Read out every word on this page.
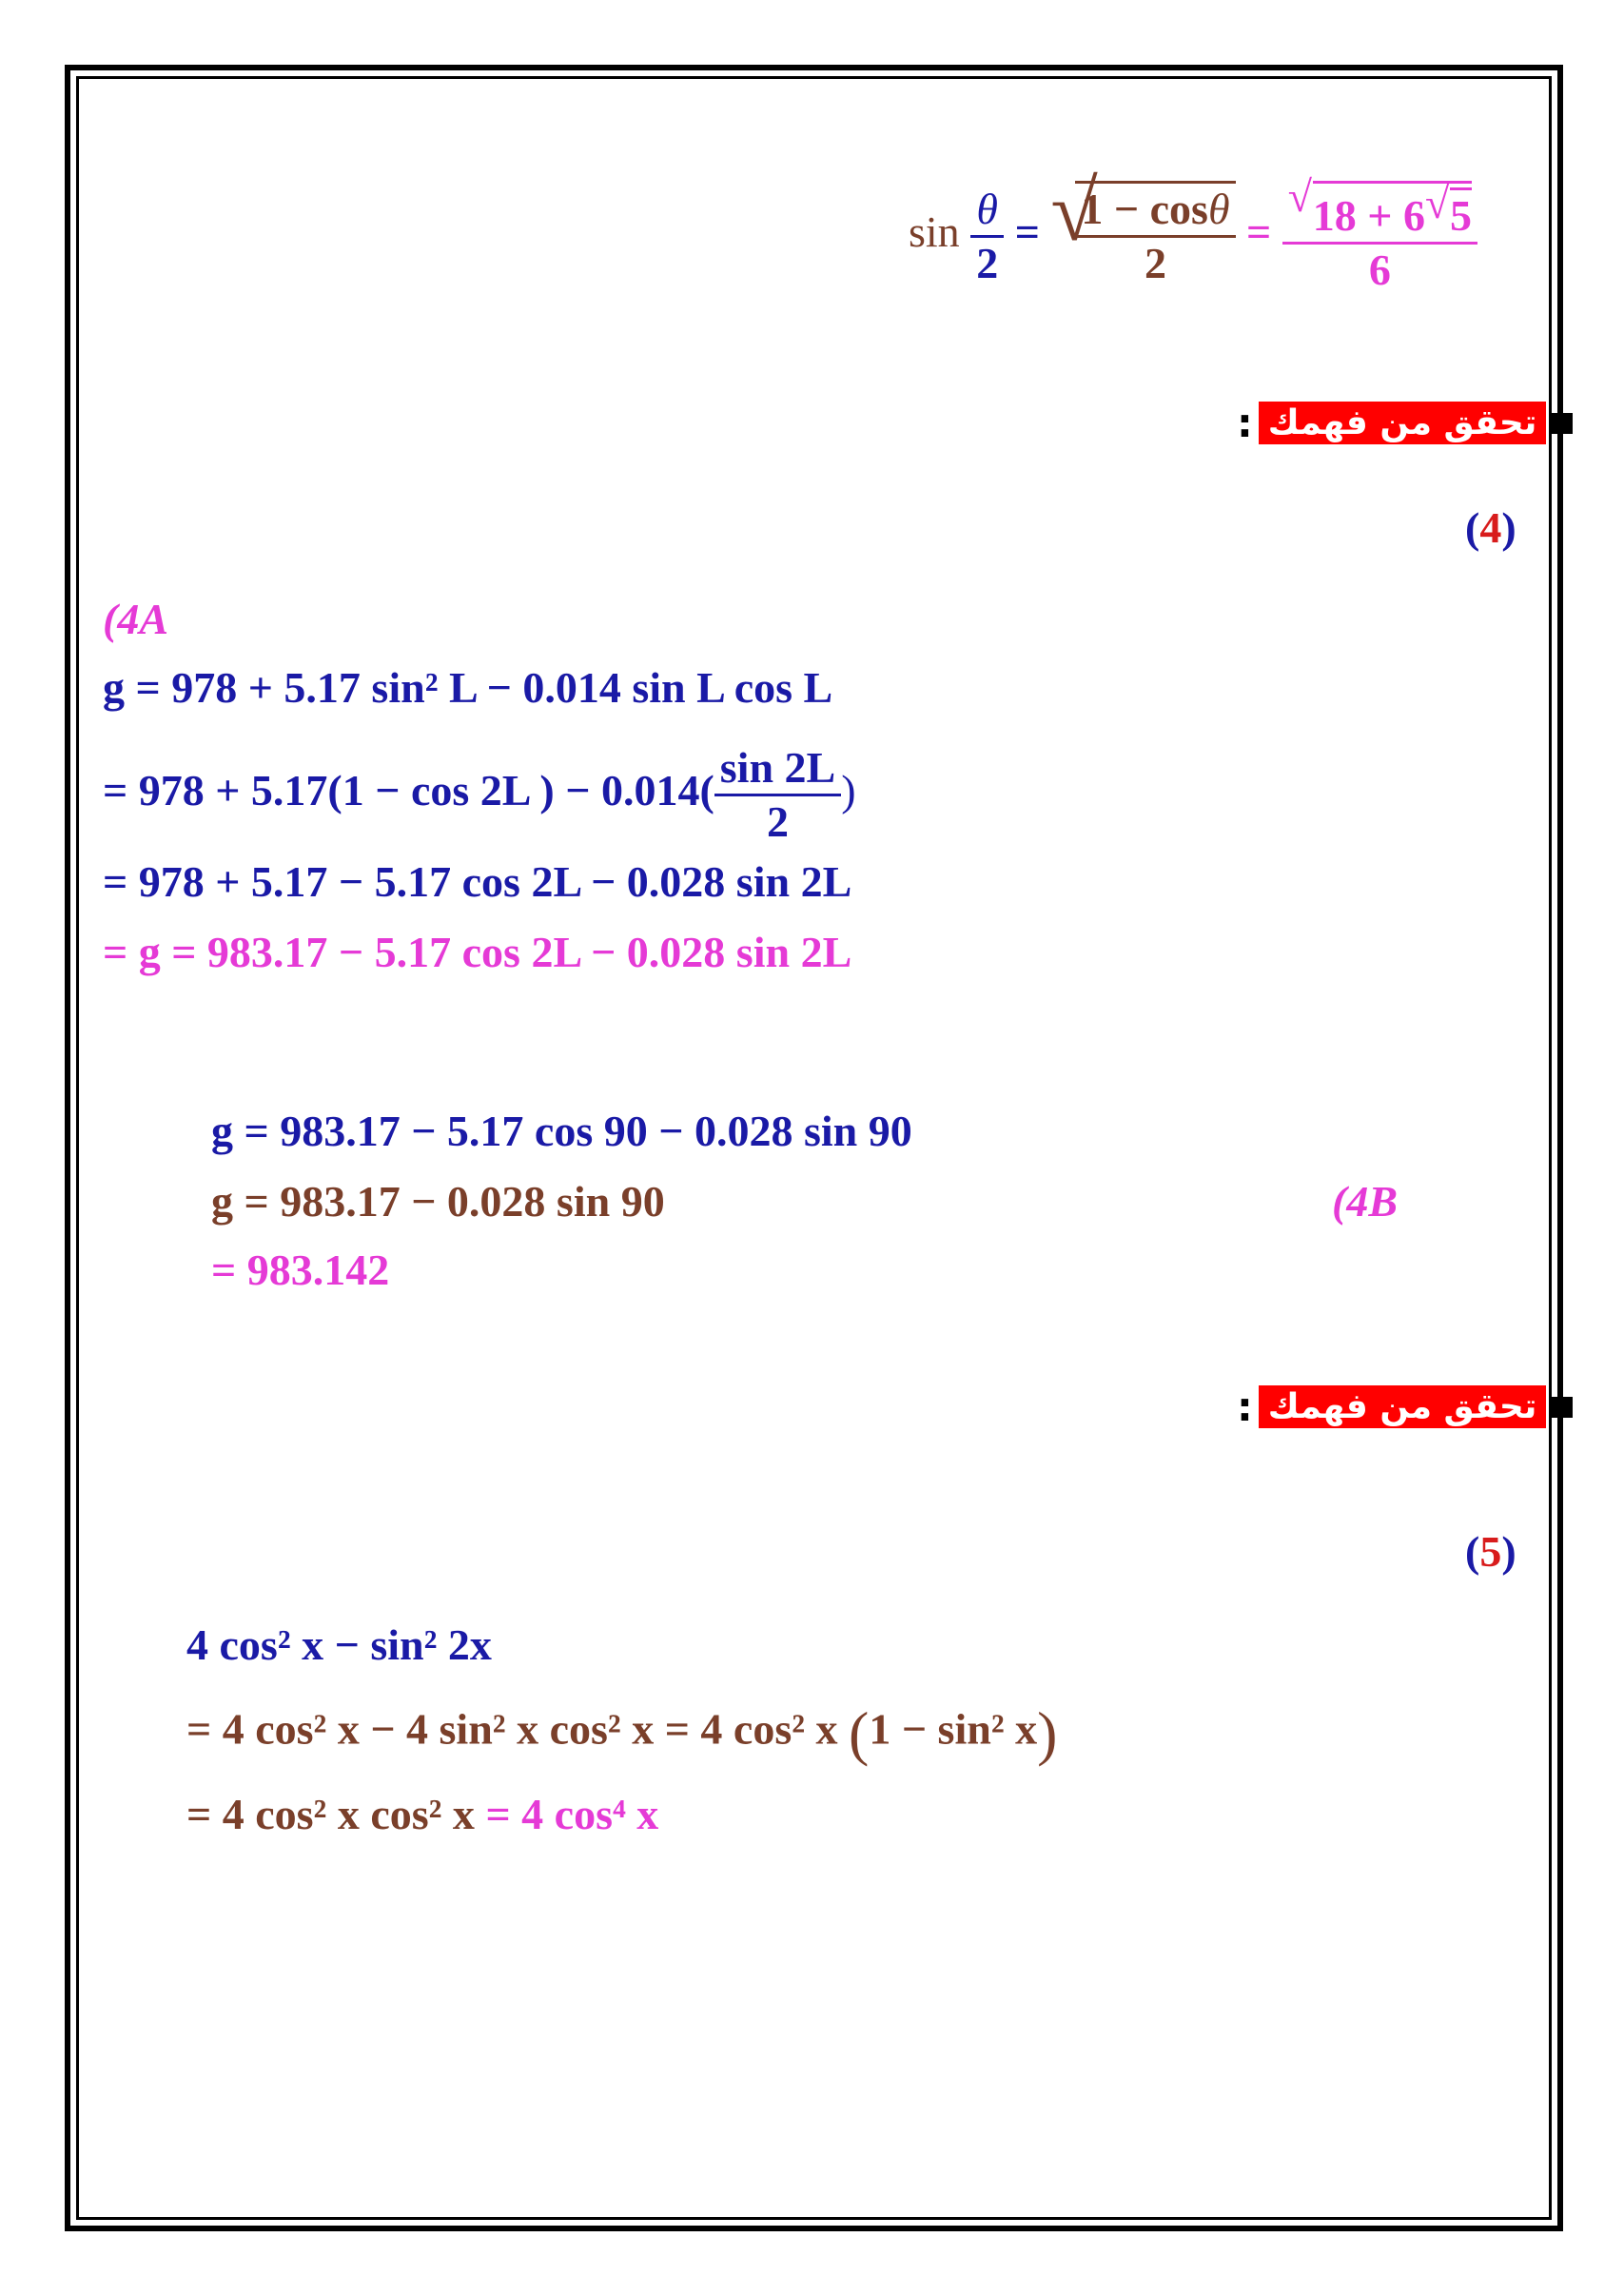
$\sin \frac{\theta}{2}$ = √
$\frac{1 - \cos\theta}{2} = \frac{√ 18 + 6 √ 5}{6}$
: تحقق من فهمك
(4)
(4A
g = 978 + 5.17 sin² L − 0.014 sin L cos L
= 978 + 5.17(1 − cos 2L ) − $0.014( \frac{\sin 2L}{2}$ )
= 978 + 5.17 − 5.17 cos 2L − 0.028 sin 2L
= g = 983.17 − 5.17 cos 2L − 0.028 sin 2L
g = 983.17 − 5.17 cos 90 − 0.028 sin 90
g = 983.17 − 0.028 sin 90	(4B
= 983.142
: تحقق من فهمك
(5)
4 cos² x − sin² 2x
= 4 cos² x − 4 sin² x cos² x = 4 cos² x (1 − sin² x)
= 4 cos² x cos² x = 4 cos⁴ x
